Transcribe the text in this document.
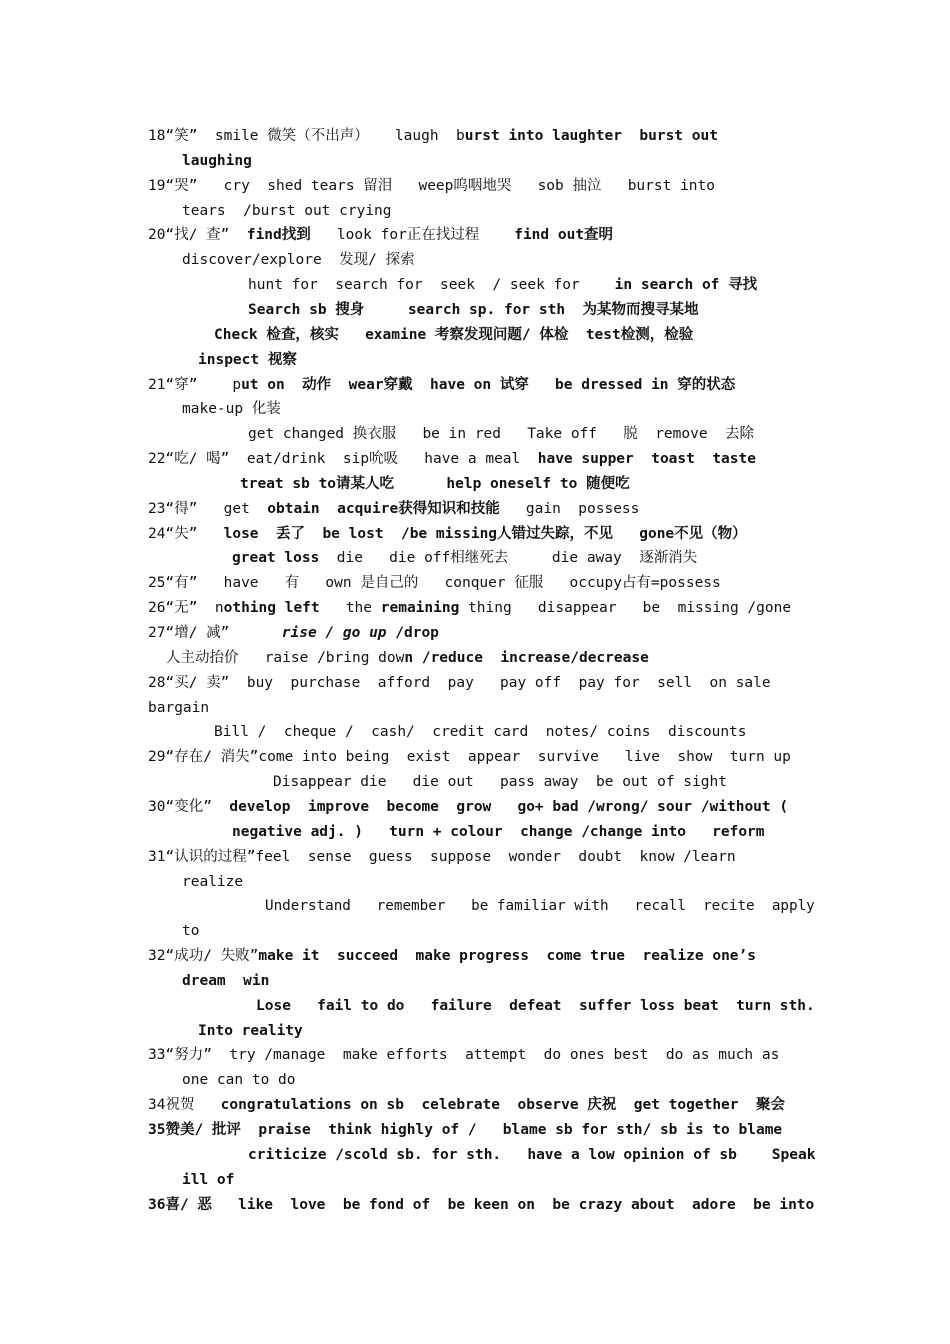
18“笑”  smile 微笑（不出声）   laugh  burst into laughter  burst out
laughing
19“哭”   cry  shed tears 留泪   weep呜咽地哭   sob 抽泣   burst into
tears  /burst out crying
20“找/ 查”  find找到   look for正在找过程    find out查明
discover/explore  发现/ 探索
hunt for  search for  seek  / seek for    in search of 寻找
Search sb 搜身     search sp. for sth  为某物而搜寻某地
Check 检查，核实   examine 考察发现问题/ 体检  test检测，检验
inspect 视察
21“穿”    put on  动作  wear穿戴  have on 试穿   be dressed in 穿的状态
make-up 化装
get changed 换衣服   be in red   Take off   脱  remove  去除
22“吃/ 喝”  eat/drink  sip吮吸   have a meal  have supper  toast  taste
treat sb to请某人吃      help oneself to 随便吃
23“得”   get  obtain  acquire获得知识和技能   gain  possess
24“失”   lose  丢了  be lost  /be missing人错过失踪，不见   gone不见（物）
great loss  die   die off相继死去     die away  逐渐消失
25“有”   have   有   own 是自己的   conquer 征服   occupy占有=possess
26“无”  nothing left   the remaining thing   disappear   be  missing /gone
27“增/ 减”      rise / go up /drop
人主动抬价   raise /bring down /reduce  increase/decrease
28“买/ 卖”  buy  purchase  afford  pay   pay off  pay for  sell  on sale
bargain
Bill /  cheque /  cash/  credit card  notes/ coins  discounts
29“存在/ 消失”come into being  exist  appear  survive   live  show  turn up
Disappear die   die out   pass away  be out of sight
30“变化”  develop  improve  become  grow   go+ bad /wrong/ sour /without (
negative adj. )   turn + colour  change /change into   reform
31“认识的过程”feel  sense  guess  suppose  wonder  doubt  know /learn
realize
Understand   remember   be familiar with   recall  recite  apply
to
32“成功/ 失败”make it  succeed  make progress  come true  realize one’s
dream  win
Lose   fail to do   failure  defeat  suffer loss beat  turn sth.
Into reality
33“努力”  try /manage  make efforts  attempt  do ones best  do as much as
one can to do
34祝贺   congratulations on sb  celebrate  observe 庆祝  get together  聚会
35赞美/ 批评  praise  think highly of /   blame sb for sth/ sb is to blame
criticize /scold sb. for sth.   have a low opinion of sb    Speak
ill of
36喜/ 恶   like  love  be fond of  be keen on  be crazy about  adore  be into
